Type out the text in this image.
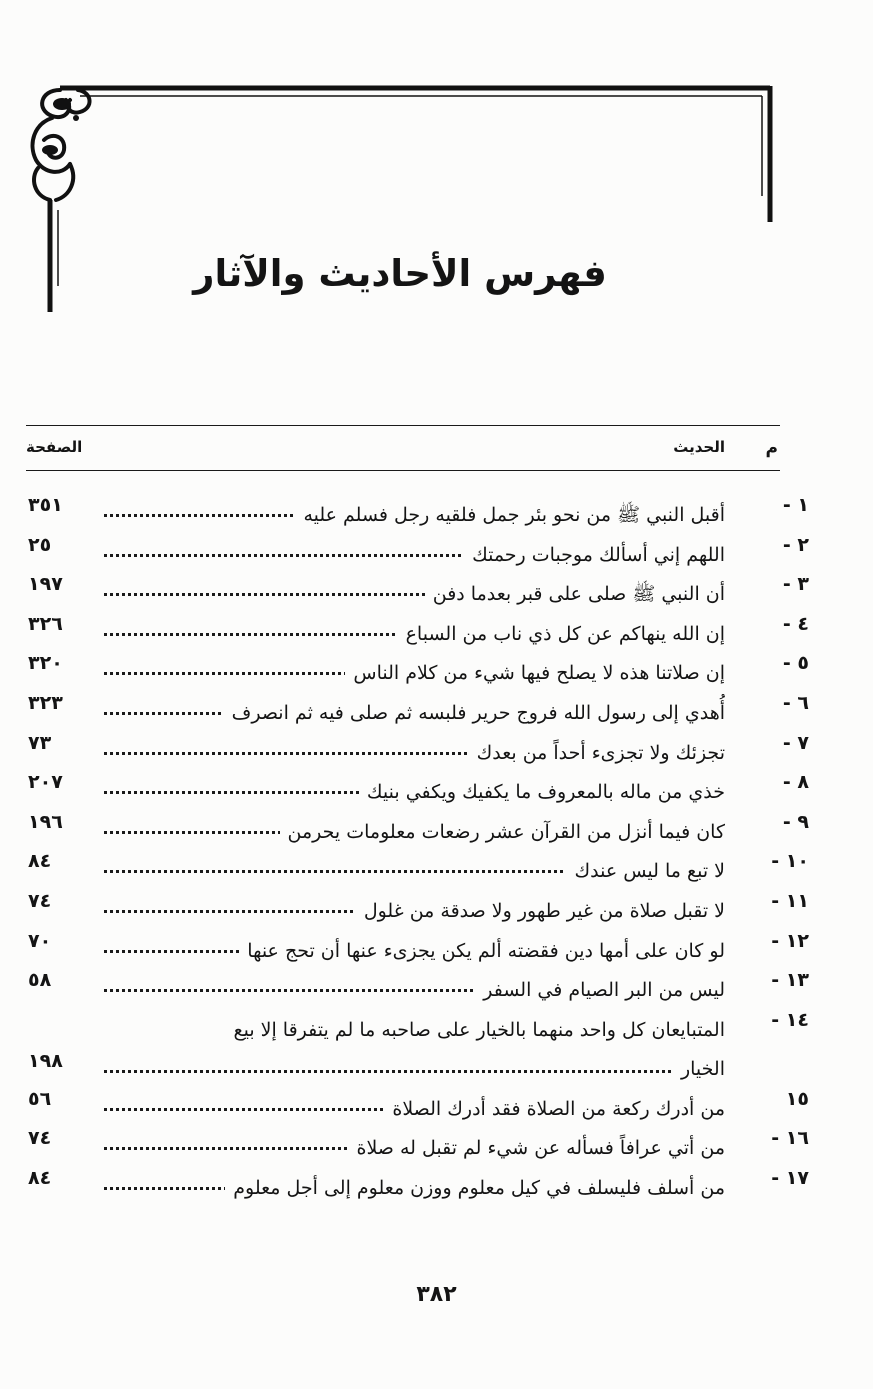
فهرس الأحاديث والآثار
م
الحديث
الصفحة
١ -
أقبل النبي ﷺ من نحو بئر جمل فلقيه رجل فسلم عليه
٣٥١
٢ -
اللهم إني أسألك موجبات رحمتك
٢٥
٣ -
أن النبي ﷺ صلى على قبر بعدما دفن
١٩٧
٤ -
إن الله ينهاكم عن كل ذي ناب من السباع
٣٢٦
٥ -
إن صلاتنا هذه لا يصلح فيها شيء من كلام الناس
٣٢٠
٦ -
أُهدي إلى رسول الله فروج حرير فلبسه ثم صلى فيه ثم انصرف
٣٢٣
٧ -
تجزئك ولا تجزىء أحداً من بعدك
٧٣
٨ -
خذي من ماله بالمعروف ما يكفيك ويكفي بنيك
٢٠٧
٩ -
كان فيما أنزل من القرآن عشر رضعات معلومات يحرمن
١٩٦
١٠ -
لا تبع ما ليس عندك
٨٤
١١ -
لا تقبل صلاة من غير طهور ولا صدقة من غلول
٧٤
١٢ -
لو كان على أمها دين فقضته ألم يكن يجزىء عنها أن تحج عنها
٧٠
١٣ -
ليس من البر الصيام في السفر
٥٨
١٤ -
المتبايعان كل واحد منهما بالخيار على صاحبه ما لم يتفرقا إلا بيع
الخيار
١٩٨
١٥
من أدرك ركعة من الصلاة فقد أدرك الصلاة
٥٦
١٦ -
من أتي عرافاً فسأله عن شيء لم تقبل له صلاة
٧٤
١٧ -
من أسلف فليسلف في كيل معلوم ووزن معلوم إلى أجل معلوم
٨٤
٣٨٢
